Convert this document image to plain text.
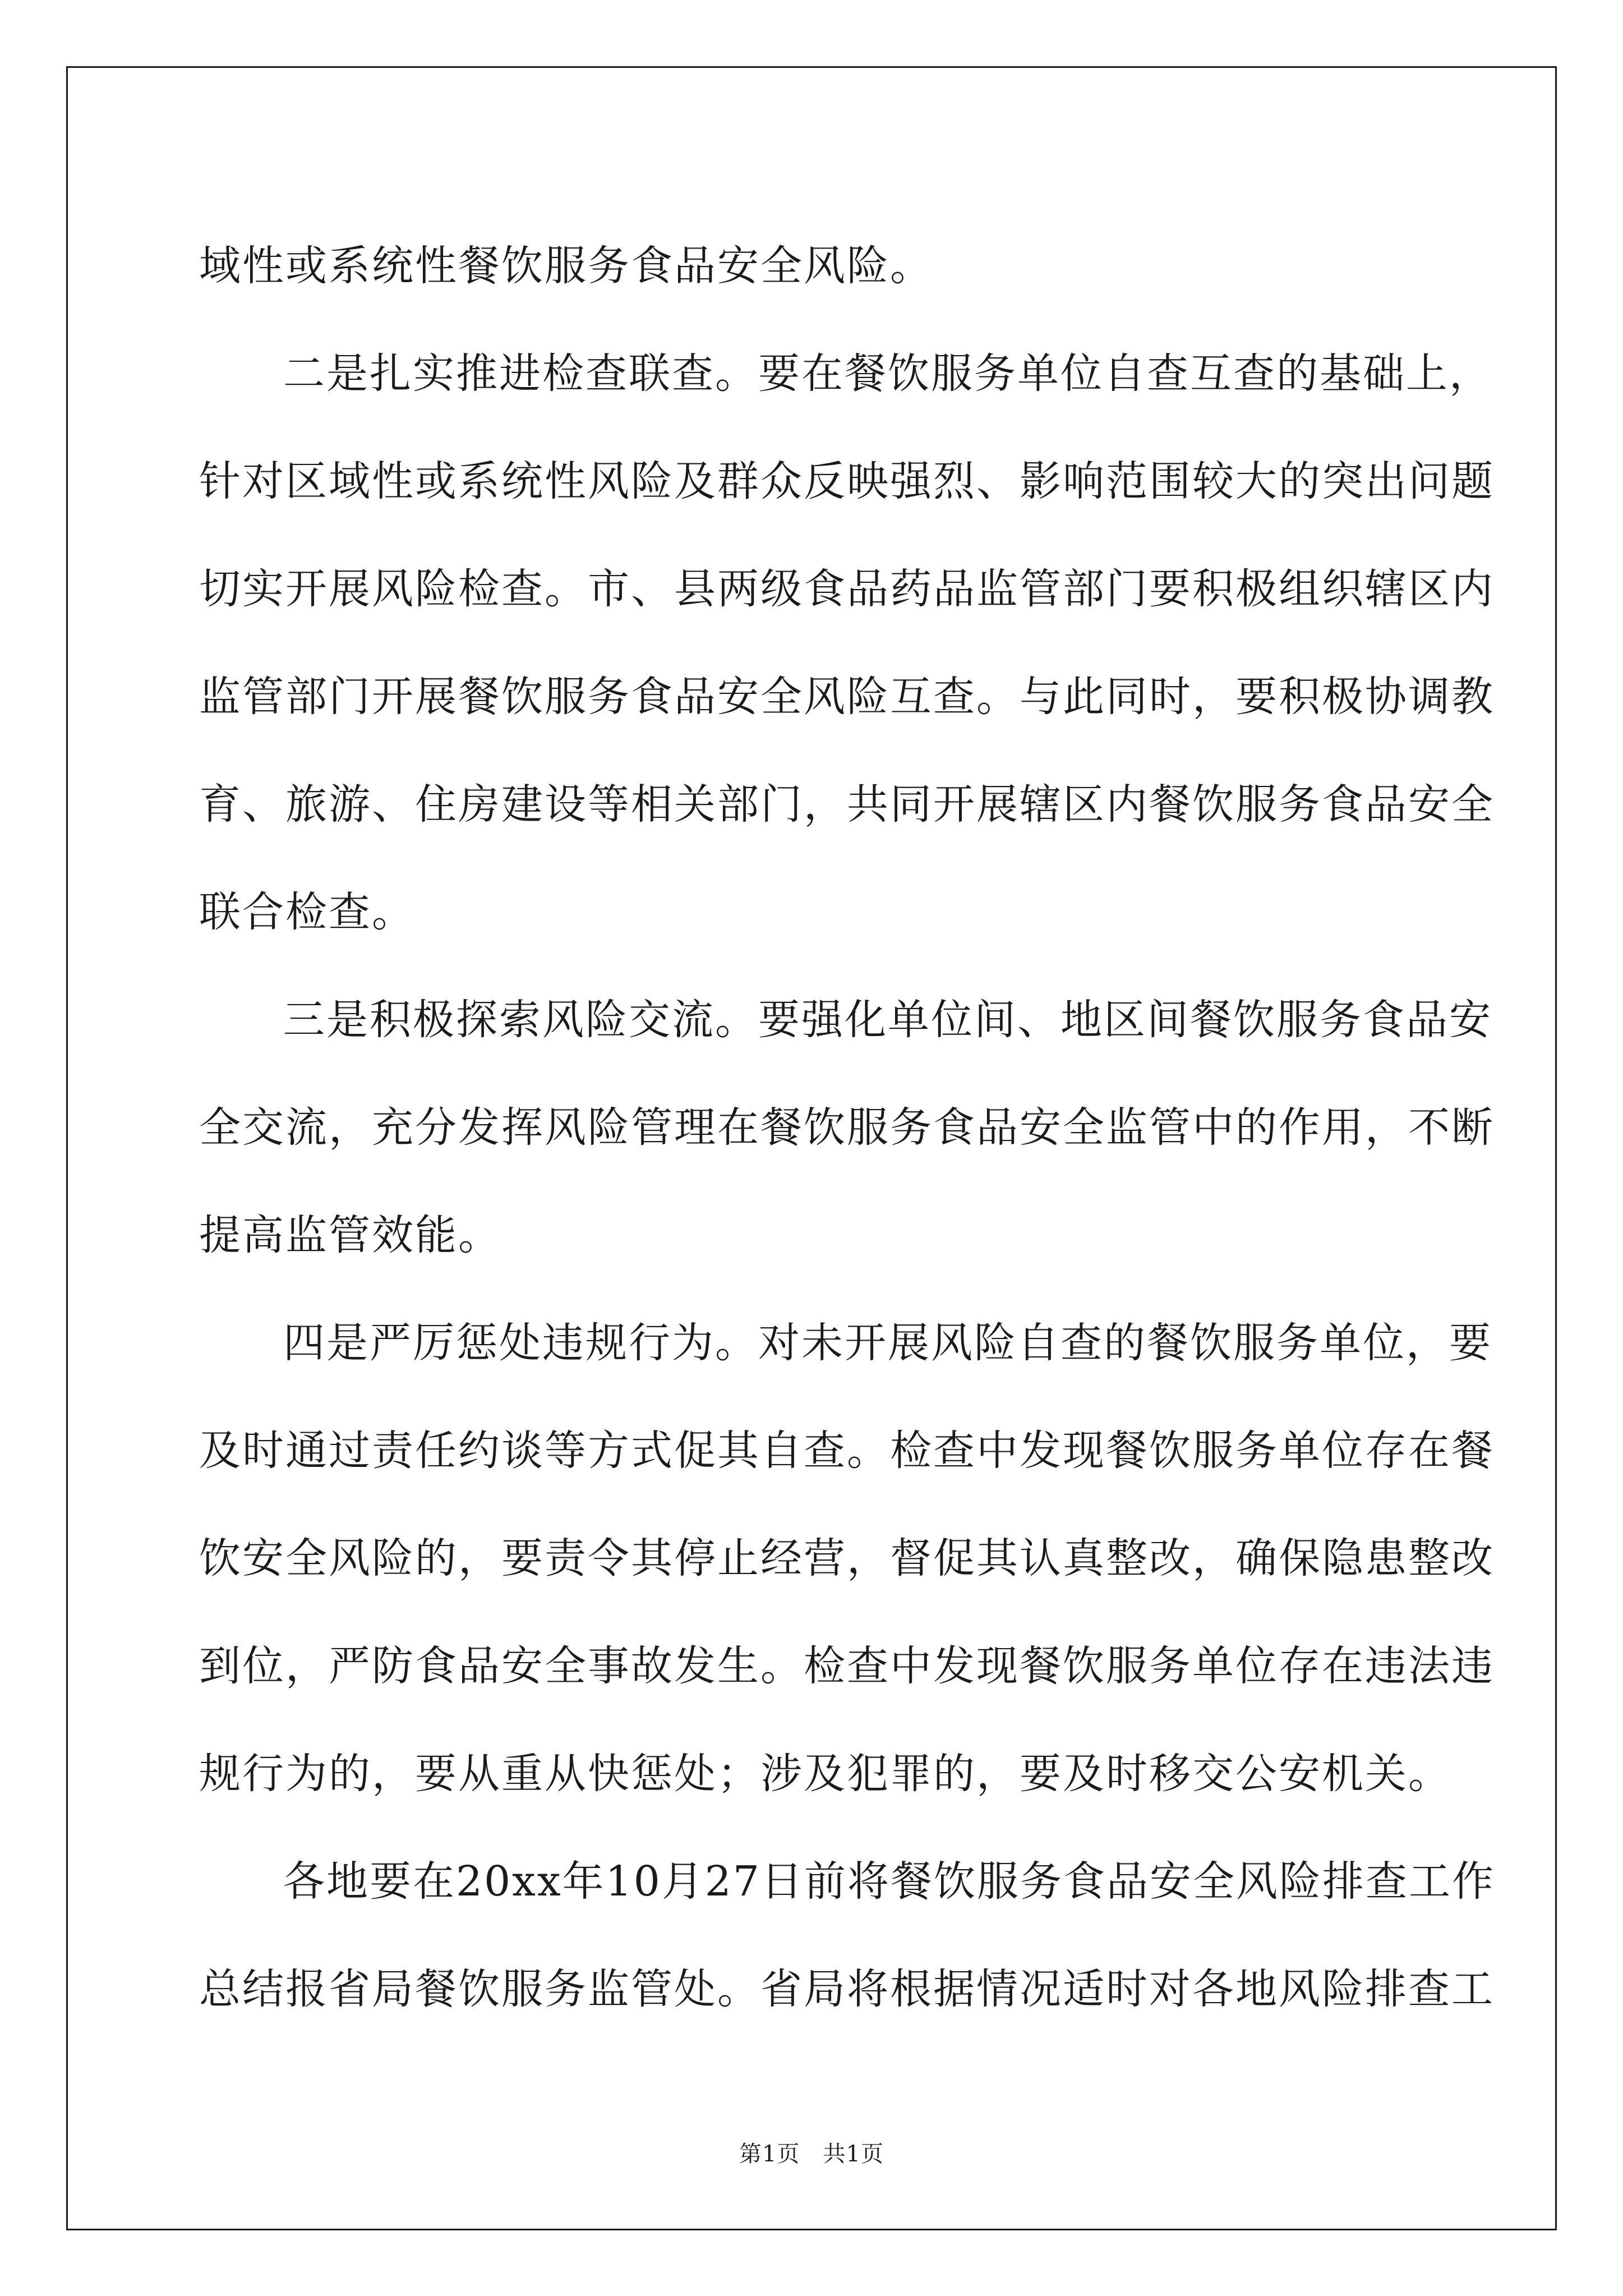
域性或系统性餐饮服务食品安全风险。
二是扎实推进检查联查。要在餐饮服务单位自查互查的基础上，
针对区域性或系统性风险及群众反映强烈、影响范围较大的突出问题
切实开展风险检查。市、县两级食品药品监管部门要积极组织辖区内
监管部门开展餐饮服务食品安全风险互查。与此同时，要积极协调教
育、旅游、住房建设等相关部门，共同开展辖区内餐饮服务食品安全
联合检查。
三是积极探索风险交流。要强化单位间、地区间餐饮服务食品安
全交流，充分发挥风险管理在餐饮服务食品安全监管中的作用，不断
提高监管效能。
四是严厉惩处违规行为。对未开展风险自查的餐饮服务单位，要
及时通过责任约谈等方式促其自查。检查中发现餐饮服务单位存在餐
饮安全风险的，要责令其停止经营，督促其认真整改，确保隐患整改
到位，严防食品安全事故发生。检查中发现餐饮服务单位存在违法违
规行为的，要从重从快惩处；涉及犯罪的，要及时移交公安机关。
各地要在20xx年10月27日前将餐饮服务食品安全风险排查工作
总结报省局餐饮服务监管处。省局将根据情况适时对各地风险排查工
第1页　共1页
